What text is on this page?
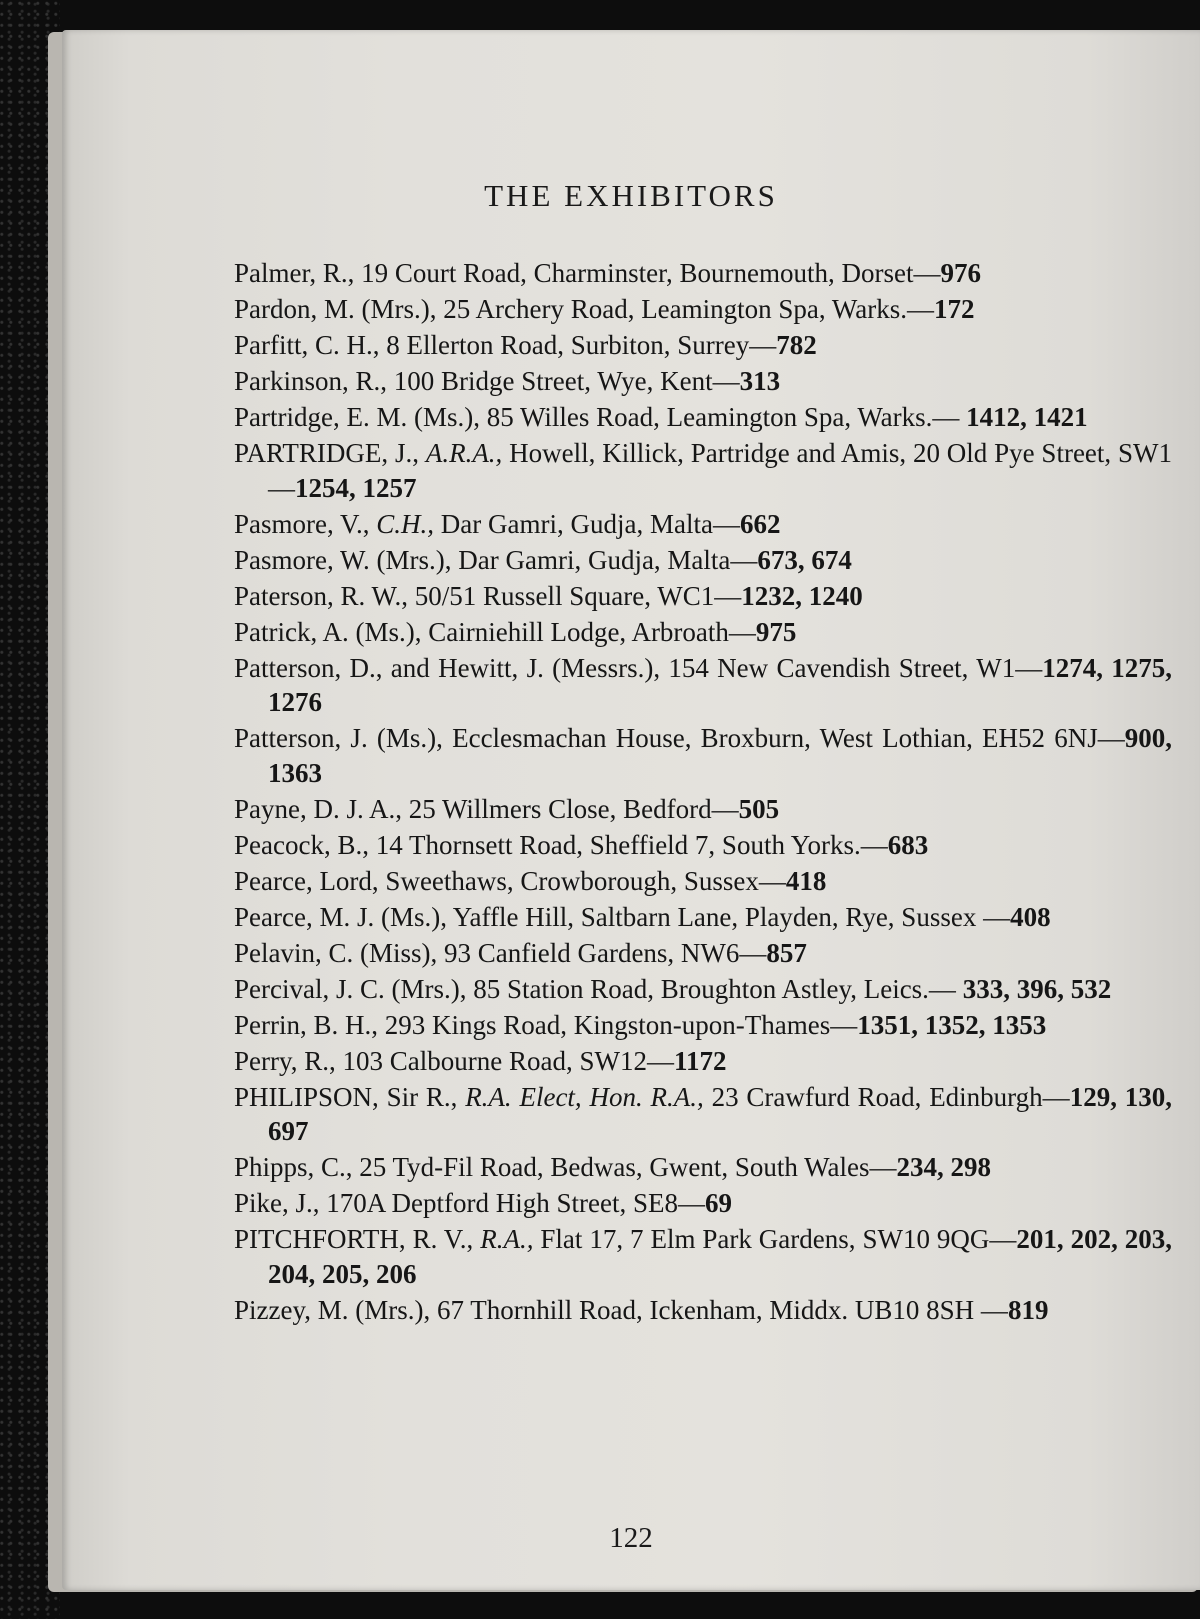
THE EXHIBITORS
Palmer, R., 19 Court Road, Charminster, Bournemouth, Dorset—976
Pardon, M. (Mrs.), 25 Archery Road, Leamington Spa, Warks.—172
Parfitt, C. H., 8 Ellerton Road, Surbiton, Surrey—782
Parkinson, R., 100 Bridge Street, Wye, Kent—313
Partridge, E. M. (Ms.), 85 Willes Road, Leamington Spa, Warks.— 1412, 1421
PARTRIDGE, J., A.R.A., Howell, Killick, Partridge and Amis, 20 Old Pye Street, SW1—1254, 1257
Pasmore, V., C.H., Dar Gamri, Gudja, Malta—662
Pasmore, W. (Mrs.), Dar Gamri, Gudja, Malta—673, 674
Paterson, R. W., 50/51 Russell Square, WC1—1232, 1240
Patrick, A. (Ms.), Cairniehill Lodge, Arbroath—975
Patterson, D., and Hewitt, J. (Messrs.), 154 New Cavendish Street, W1—1274, 1275, 1276
Patterson, J. (Ms.), Ecclesmachan House, Broxburn, West Lothian, EH52 6NJ—900, 1363
Payne, D. J. A., 25 Willmers Close, Bedford—505
Peacock, B., 14 Thornsett Road, Sheffield 7, South Yorks.—683
Pearce, Lord, Sweethaws, Crowborough, Sussex—418
Pearce, M. J. (Ms.), Yaffle Hill, Saltbarn Lane, Playden, Rye, Sussex —408
Pelavin, C. (Miss), 93 Canfield Gardens, NW6—857
Percival, J. C. (Mrs.), 85 Station Road, Broughton Astley, Leics.— 333, 396, 532
Perrin, B. H., 293 Kings Road, Kingston-upon-Thames—1351, 1352, 1353
Perry, R., 103 Calbourne Road, SW12—1172
PHILIPSON, Sir R., R.A. Elect, Hon. R.A., 23 Crawfurd Road, Edinburgh—129, 130, 697
Phipps, C., 25 Tyd-Fil Road, Bedwas, Gwent, South Wales—234, 298
Pike, J., 170A Deptford High Street, SE8—69
PITCHFORTH, R. V., R.A., Flat 17, 7 Elm Park Gardens, SW10 9QG—201, 202, 203, 204, 205, 206
Pizzey, M. (Mrs.), 67 Thornhill Road, Ickenham, Middx. UB10 8SH —819
122
